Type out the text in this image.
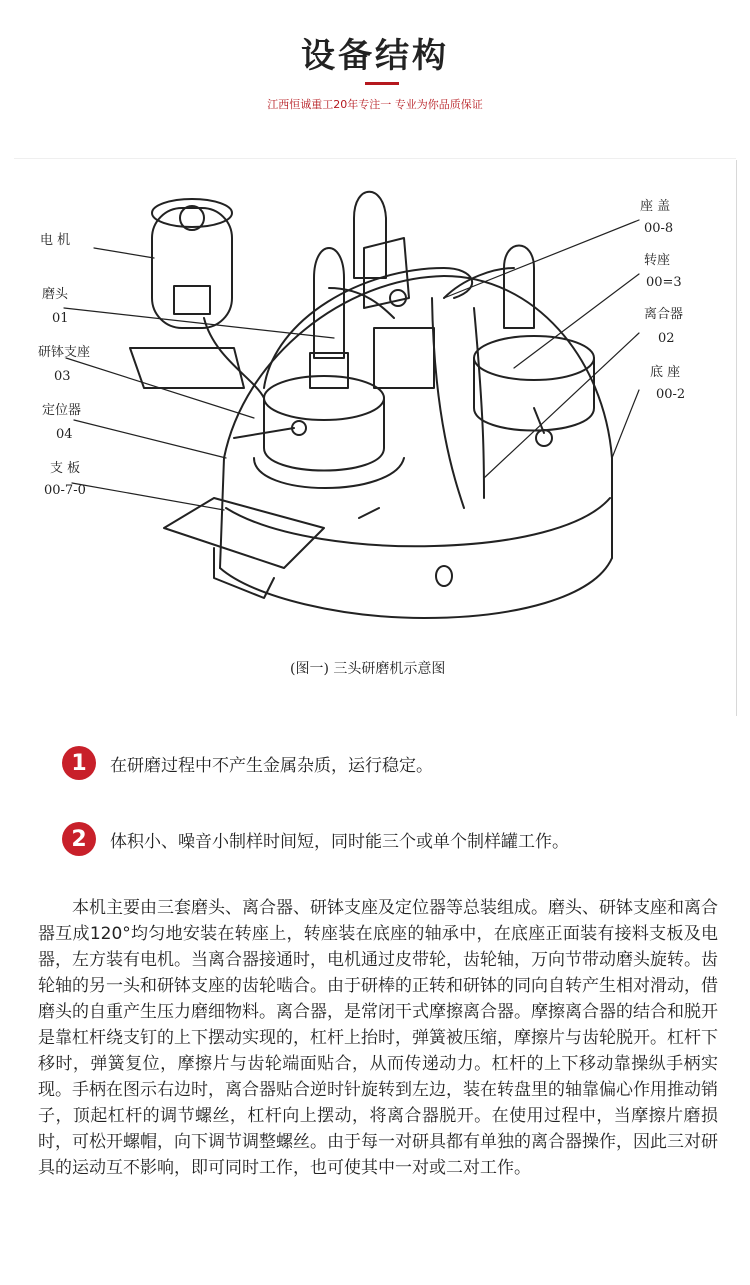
设备结构
江西恒诚重工20年专注一 专业为你品质保证
电 机
磨头
01
研钵支座
03
定位器
04
支 板
00-7-0
座 盖
00-8
转座
00=3
离合器
02
底 座
00-2
(图一) 三头研磨机示意图
1	在研磨过程中不产生金属杂质，运行稳定。
2	体积小、噪音小制样时间短，同时能三个或单个制样罐工作。

本机主要由三套磨头、离合器、研钵支座及定位器等总装组成。磨头、研钵支座和离合器互成120°均匀地安装在转座上，转座装在底座的轴承中，在底座正面装有接料支板及电器，左方装有电机。当离合器接通时，电机通过皮带轮，齿轮轴，万向节带动磨头旋转。齿轮轴的另一头和研钵支座的齿轮啮合。由于研棒的正转和研钵的同向自转产生相对滑动，借磨头的自重产生压力磨细物料。离合器，是常闭干式摩擦离合器。摩擦离合器的结合和脱开是靠杠杆绕支钉的上下摆动实现的，杠杆上抬时，弹簧被压缩，摩擦片与齿轮脱开。杠杆下移时，弹簧复位，摩擦片与齿轮端面贴合，从而传递动力。杠杆的上下移动靠操纵手柄实现。手柄在图示右边时，离合器贴合逆时针旋转到左边，装在转盘里的轴靠偏心作用推动销子，顶起杠杆的调节螺丝，杠杆向上摆动，将离合器脱开。在使用过程中，当摩擦片磨损时，可松开螺帽，向下调节调整螺丝。由于每一对研具都有单独的离合器操作，因此三对研具的运动互不影响，即可同时工作，也可使其中一对或二对工作。
